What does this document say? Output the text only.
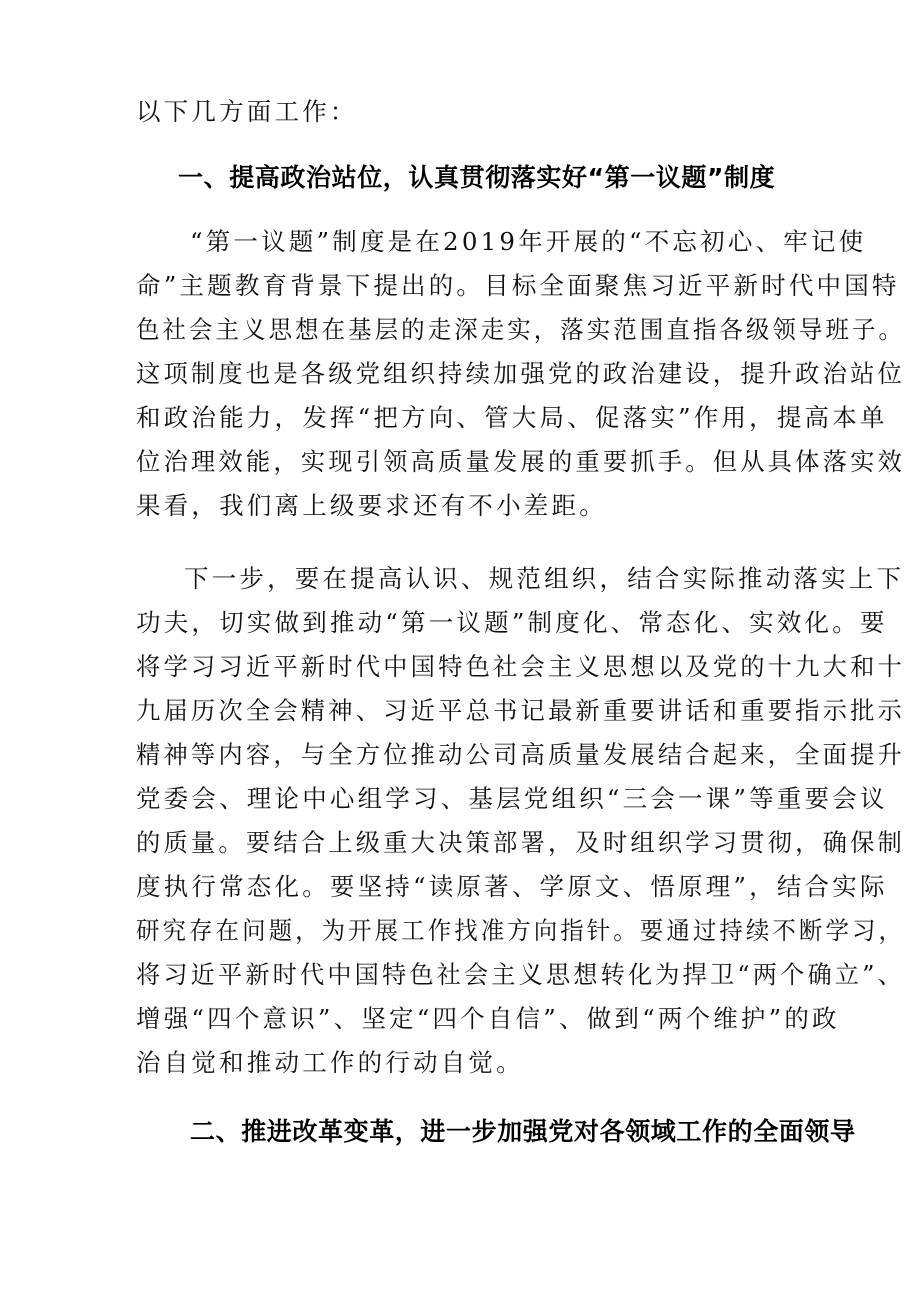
以下几方面工作：
一、提高政治站位，认真贯彻落实好“第一议题”制度
“第一议题”制度是在2019年开展的“不忘初心、牢记使
命”主题教育背景下提出的。目标全面聚焦习近平新时代中国特
色社会主义思想在基层的走深走实，落实范围直指各级领导班子。
这项制度也是各级党组织持续加强党的政治建设，提升政治站位
和政治能力，发挥“把方向、管大局、促落实”作用，提高本单
位治理效能，实现引领高质量发展的重要抓手。但从具体落实效
果看，我们离上级要求还有不小差距。
下一步，要在提高认识、规范组织，结合实际推动落实上下
功夫，切实做到推动“第一议题”制度化、常态化、实效化。要
将学习习近平新时代中国特色社会主义思想以及党的十九大和十
九届历次全会精神、习近平总书记最新重要讲话和重要指示批示
精神等内容，与全方位推动公司高质量发展结合起来，全面提升
党委会、理论中心组学习、基层党组织“三会一课”等重要会议
的质量。要结合上级重大决策部署，及时组织学习贯彻，确保制
度执行常态化。要坚持“读原著、学原文、悟原理”，结合实际
研究存在问题，为开展工作找准方向指针。要通过持续不断学习，
将习近平新时代中国特色社会主义思想转化为捍卫“两个确立”、
增强“四个意识”、坚定“四个自信”、做到“两个维护”的政
治自觉和推动工作的行动自觉。
二、推进改革变革，进一步加强党对各领域工作的全面领导
